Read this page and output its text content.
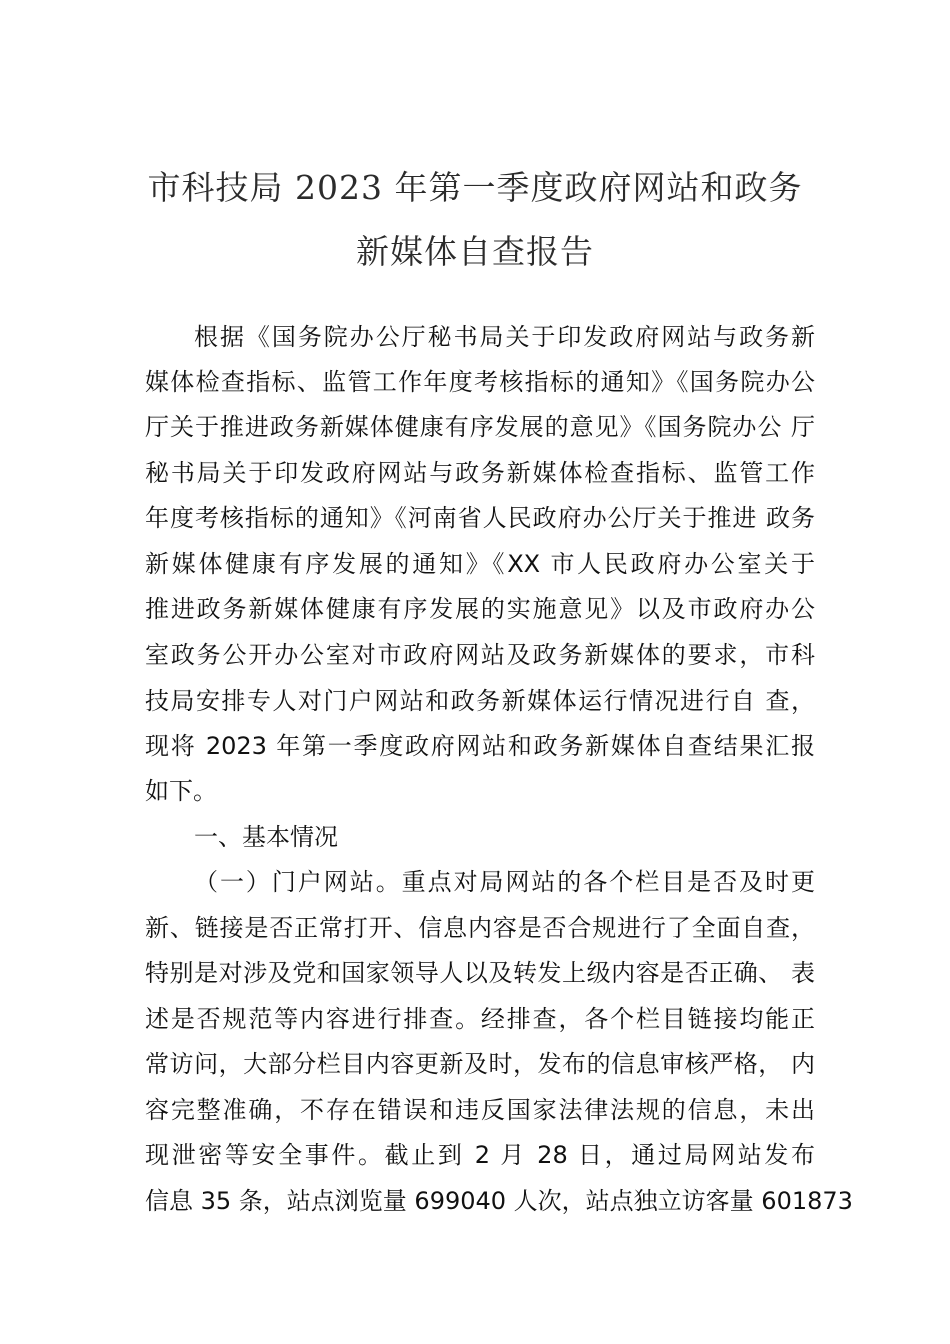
市科技局 2023 年第一季度政府网站和政务
新媒体自查报告
根据《国务院办公厅秘书局关于印发政府网站与政务新
媒体检查指标、监管工作年度考核指标的通知》《国务院办公
厅关于推进政务新媒体健康有序发展的意见》《国务院办公 厅
秘书局关于印发政府网站与政务新媒体检查指标、监管工作
年度考核指标的通知》《河南省人民政府办公厅关于推进 政务
新媒体健康有序发展的通知》《XX 市人民政府办公室关于
推进政务新媒体健康有序发展的实施意见》以及市政府办公
室政务公开办公室对市政府网站及政务新媒体的要求，市科
技局安排专人对门户网站和政务新媒体运行情况进行自 查，
现将 2023 年第一季度政府网站和政务新媒体自查结果汇报
如下。
一、基本情况
（一）门户网站。重点对局网站的各个栏目是否及时更
新、链接是否正常打开、信息内容是否合规进行了全面自查，
特别是对涉及党和国家领导人以及转发上级内容是否正确、 表
述是否规范等内容进行排查。经排查，各个栏目链接均能正
常访问，大部分栏目内容更新及时，发布的信息审核严格， 内
容完整准确，不存在错误和违反国家法律法规的信息，未出
现泄密等安全事件。截止到 2 月 28 日，通过局网站发布
信息 35 条，站点浏览量 699040 人次，站点独立访客量 601873
